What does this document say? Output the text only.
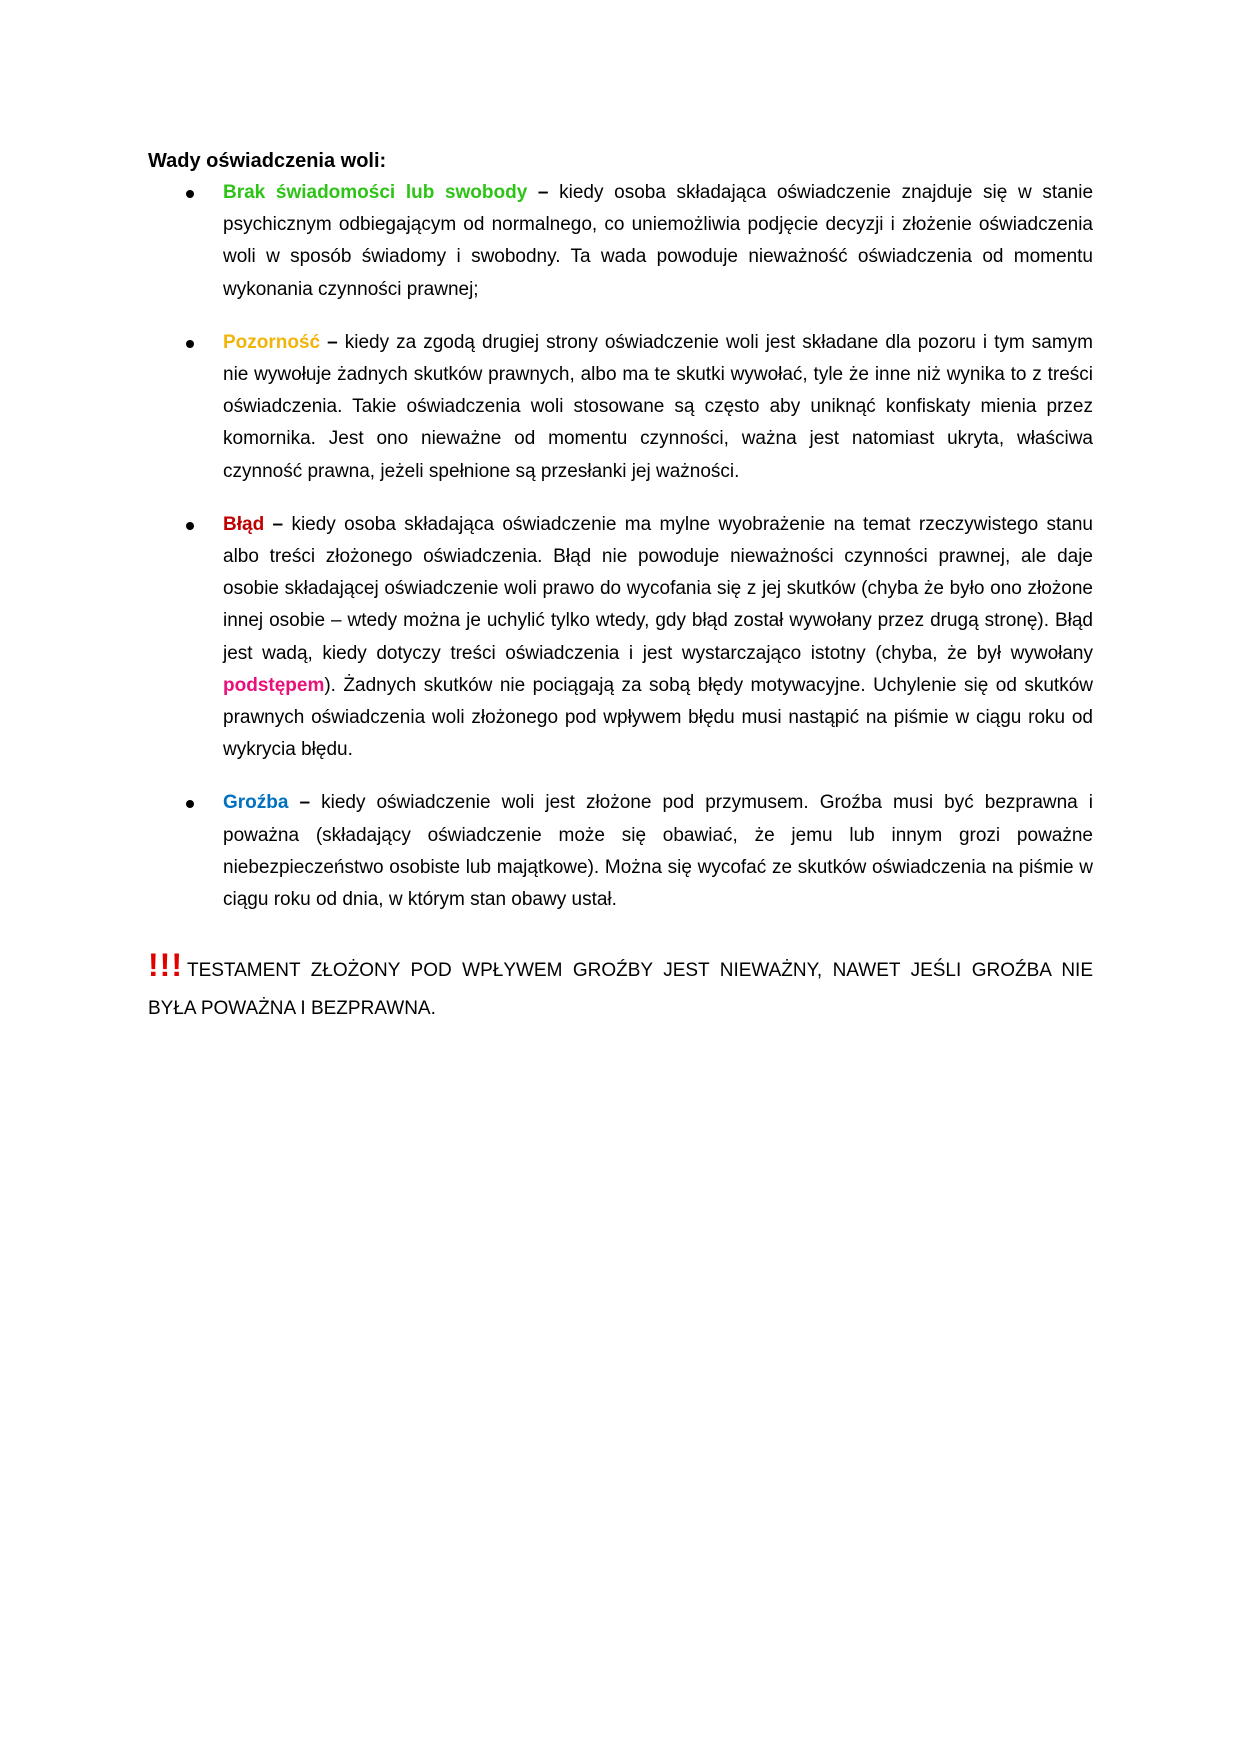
Wady oświadczenia woli:

Brak świadomości lub swobody – kiedy osoba składająca oświadczenie znajduje się w stanie psychicznym odbiegającym od normalnego, co uniemożliwia podjęcie decyzji i złożenie oświadczenia woli w sposób świadomy i swobodny. Ta wada powoduje nieważność oświadczenia od momentu wykonania czynności prawnej;
Pozorność – kiedy za zgodą drugiej strony oświadczenie woli jest składane dla pozoru i tym samym nie wywołuje żadnych skutków prawnych, albo ma te skutki wywołać, tyle że inne niż wynika to z treści oświadczenia. Takie oświadczenia woli stosowane są często aby uniknąć konfiskaty mienia przez komornika. Jest ono nieważne od momentu czynności, ważna jest natomiast ukryta, właściwa czynność prawna, jeżeli spełnione są przesłanki jej ważności.
Błąd – kiedy osoba składająca oświadczenie ma mylne wyobrażenie na temat rzeczywistego stanu albo treści złożonego oświadczenia. Błąd nie powoduje nieważności czynności prawnej, ale daje osobie składającej oświadczenie woli prawo do wycofania się z jej skutków (chyba że było ono złożone innej osobie – wtedy można je uchylić tylko wtedy, gdy błąd został wywołany przez drugą stronę). Błąd jest wadą, kiedy dotyczy treści oświadczenia i jest wystarczająco istotny (chyba, że był wywołany podstępem). Żadnych skutków nie pociągają za sobą błędy motywacyjne. Uchylenie się od skutków prawnych oświadczenia woli złożonego pod wpływem błędu musi nastąpić na piśmie w ciągu roku od wykrycia błędu.
Groźba – kiedy oświadczenie woli jest złożone pod przymusem. Groźba musi być bezprawna i poważna (składający oświadczenie może się obawiać, że jemu lub innym grozi poważne niebezpieczeństwo osobiste lub majątkowe). Można się wycofać ze skutków oświadczenia na piśmie w ciągu roku od dnia, w którym stan obawy ustał.

!!! TESTAMENT ZŁOŻONY POD WPŁYWEM GROŹBY JEST NIEWAŻNY, NAWET JEŚLI GROŹBA NIE BYŁA POWAŻNA I BEZPRAWNA.
